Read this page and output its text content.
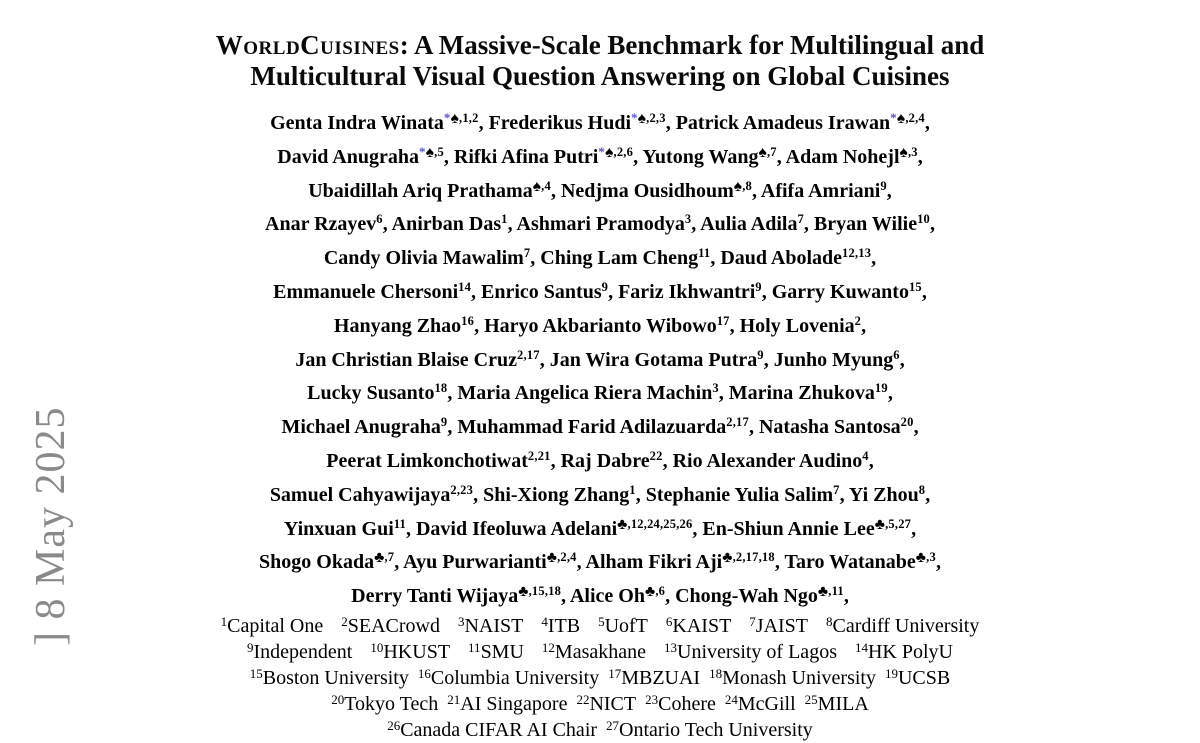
] 8 May 2025
WorldCuisines: A Massive-Scale Benchmark for Multilingual and
Multicultural Visual Question Answering on Global Cuisines
Genta Indra Winata$^{*♠,1,2}$, Frederikus Hudi$^{*♠,2,3}$, Patrick Amadeus Irawan$^{*♠,2,4}$,
David Anugraha$^{*♠,5}$, Rifki Afina Putri$^{*♠,2,6}$, Yutong Wang$^{♠,7}$, Adam Nohejl$^{♠,3}$,
Ubaidillah Ariq Prathama$^{♠,4}$, Nedjma Ousidhoum$^{♠,8}$, Afifa Amriani$^9$,
Anar Rzayev$^6$, Anirban Das$^1$, Ashmari Pramodya$^3$, Aulia Adila$^7$, Bryan Wilie$^{10}$,
Candy Olivia Mawalim$^7$, Ching Lam Cheng$^{11}$, Daud Abolade$^{12,13}$,
Emmanuele Chersoni$^{14}$, Enrico Santus$^9$, Fariz Ikhwantri$^9$, Garry Kuwanto$^{15}$,
Hanyang Zhao$^{16}$, Haryo Akbarianto Wibowo$^{17}$, Holy Lovenia$^2$,
Jan Christian Blaise Cruz$^{2,17}$, Jan Wira Gotama Putra$^9$, Junho Myung$^6$,
Lucky Susanto$^{18}$, Maria Angelica Riera Machin$^3$, Marina Zhukova$^{19}$,
Michael Anugraha$^9$, Muhammad Farid Adilazuarda$^{2,17}$, Natasha Santosa$^{20}$,
Peerat Limkonchotiwat$^{2,21}$, Raj Dabre$^{22}$, Rio Alexander Audino$^4$,
Samuel Cahyawijaya$^{2,23}$, Shi-Xiong Zhang$^1$, Stephanie Yulia Salim$^7$, Yi Zhou$^8$,
Yinxuan Gui$^{11}$, David Ifeoluwa Adelani$^{♣,12,24,25,26}$, En-Shiun Annie Lee$^{♣,5,27}$,
Shogo Okada$^{♣,7}$, Ayu Purwarianti$^{♣,2,4}$, Alham Fikri Aji$^{♣,2,17,18}$, Taro Watanabe$^{♣,3}$,
Derry Tanti Wijaya$^{♣,15,18}$, Alice $Oh^{♣,6}$, Chong-Wah Ngo$^{♣,11}$,
$^1$Capital One $^2$SEACrowd $^3$NAIST $^4$ITB $^5$UofT $^6$KAIST $^7$JAIST $^8$Cardiff University
$^9$Independent $^{10}$HKUST $^{11}$SMU $^{12}$Masakhane $^{13}$University of Lagos $^{14}$HK PolyU
$^{15}$Boston University $^{16}$Columbia University $^{17}$MBZUAI $^{18}$Monash University $^{19}$UCSB
$^{20}$Tokyo Tech $^{21}$AI Singapore $^{22}$NICT $^{23}$Cohere $^{24}$McGill $^{25}$MILA
$^{26}$Canada CIFAR AI Chair $^{27}$Ontario Tech University
